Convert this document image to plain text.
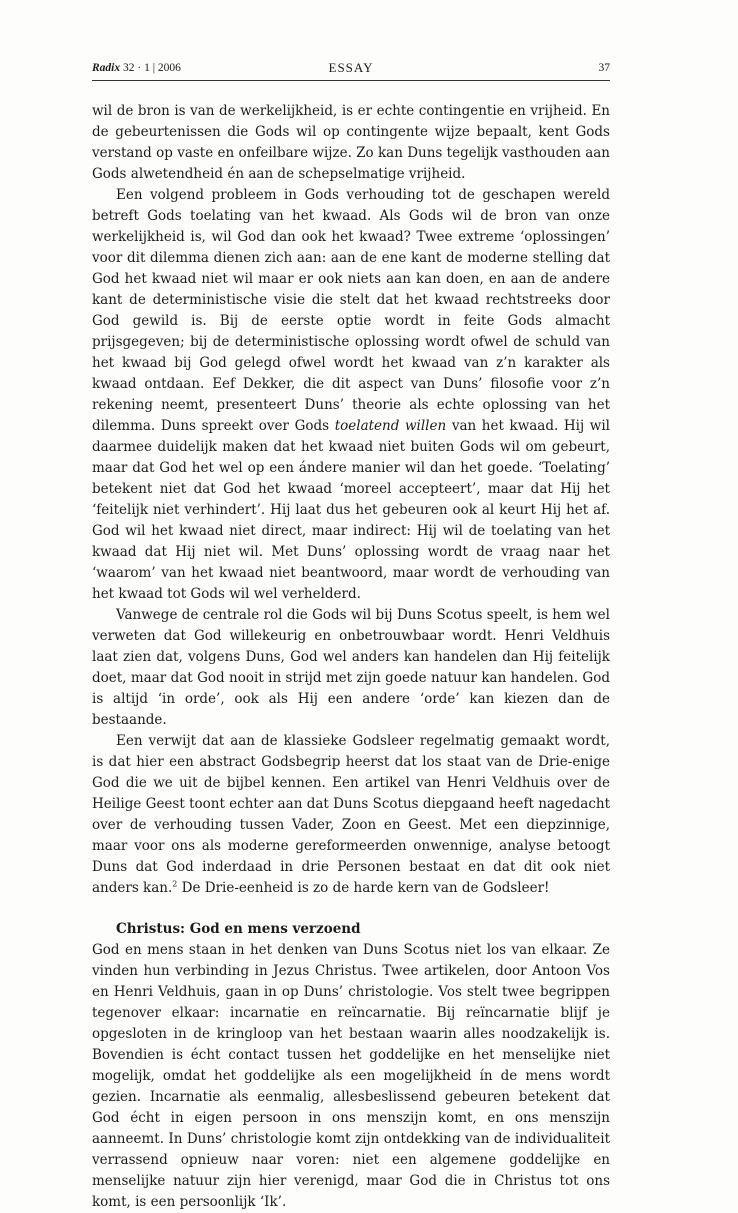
Radix 32 · 1 | 2006	ESSAY	37

wil de bron is van de werkelijkheid, is er echte contingentie en vrijheid. En de gebeurtenissen die Gods wil op contingente wijze bepaalt, kent Gods verstand op vaste en onfeilbare wijze. Zo kan Duns tegelijk vasthouden aan Gods alwetendheid én aan de schepselmatige vrijheid.

Een volgend probleem in Gods verhouding tot de geschapen wereld betreft Gods toelating van het kwaad. Als Gods wil de bron van onze werkelijkheid is, wil God dan ook het kwaad? Twee extreme ‘oplossingen’ voor dit dilemma dienen zich aan: aan de ene kant de moderne stelling dat God het kwaad niet wil maar er ook niets aan kan doen, en aan de andere kant de deterministische visie die stelt dat het kwaad rechtstreeks door God gewild is. Bij de eerste optie wordt in feite Gods almacht prijsgegeven; bij de deterministische oplossing wordt ofwel de schuld van het kwaad bij God gelegd ofwel wordt het kwaad van z’n karakter als kwaad ontdaan. Eef Dekker, die dit aspect van Duns’ filosofie voor z’n rekening neemt, presenteert Duns’ theorie als echte oplossing van het dilemma. Duns spreekt over Gods toelatend willen van het kwaad. Hij wil daarmee duidelijk maken dat het kwaad niet buiten Gods wil om gebeurt, maar dat God het wel op een ándere manier wil dan het goede. ‘Toelating’ betekent niet dat God het kwaad ‘moreel accepteert’, maar dat Hij het ‘feitelijk niet verhindert’. Hij laat dus het gebeuren ook al keurt Hij het af. God wil het kwaad niet direct, maar indirect: Hij wil de toelating van het kwaad dat Hij niet wil. Met Duns’ oplossing wordt de vraag naar het ‘waarom’ van het kwaad niet beantwoord, maar wordt de verhouding van het kwaad tot Gods wil wel verhelderd.

Vanwege de centrale rol die Gods wil bij Duns Scotus speelt, is hem wel verweten dat God willekeurig en onbetrouwbaar wordt. Henri Veldhuis laat zien dat, volgens Duns, God wel anders kan handelen dan Hij feitelijk doet, maar dat God nooit in strijd met zijn goede natuur kan handelen. God is altijd ‘in orde’, ook als Hij een andere ‘orde’ kan kiezen dan de bestaande.

Een verwijt dat aan de klassieke Godsleer regelmatig gemaakt wordt, is dat hier een abstract Godsbegrip heerst dat los staat van de Drie-enige God die we uit de bijbel kennen. Een artikel van Henri Veldhuis over de Heilige Geest toont echter aan dat Duns Scotus diepgaand heeft nagedacht over de verhouding tussen Vader, Zoon en Geest. Met een diepzinnige, maar voor ons als moderne gereformeerden onwennige, analyse betoogt Duns dat God inderdaad in drie Personen bestaat en dat dit ook niet anders kan.$^2$ De Drie-eenheid is zo de harde kern van de Godsleer!

Christus: God en mens verzoend

God en mens staan in het denken van Duns Scotus niet los van elkaar. Ze vinden hun verbinding in Jezus Christus. Twee artikelen, door Antoon Vos en Henri Veldhuis, gaan in op Duns’ christologie. Vos stelt twee begrippen tegenover elkaar: incarnatie en reïncarnatie. Bij reïncarnatie blijf je opgesloten in de kringloop van het bestaan waarin alles noodzakelijk is. Bovendien is écht contact tussen het goddelijke en het menselijke niet mogelijk, omdat het goddelijke als een mogelijkheid ín de mens wordt gezien. Incarnatie als eenmalig, allesbeslissend gebeuren betekent dat God écht in eigen persoon in ons menszijn komt, en ons menszijn aanneemt. In Duns’ christologie komt zijn ontdekking van de individualiteit verrassend opnieuw naar voren: niet een algemene goddelijke en menselijke natuur zijn hier verenigd, maar God die in Christus tot ons komt, is een persoonlijk ‘Ik’.
